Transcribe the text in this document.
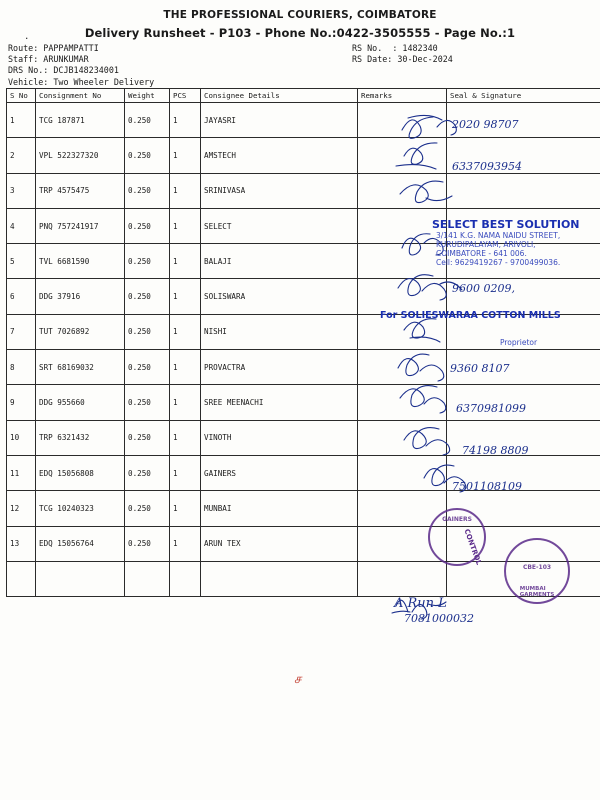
.
THE PROFESSIONAL COURIERS, COIMBATORE
Delivery Runsheet - P103 - Phone No.:0422-3505555 - Page No.:1
Route: PAPPAMPATTI
Staff: ARUNKUMAR
DRS No.: DCJB148234001
Vehicle: Two Wheeler Delivery
RS No.  : 1482340
RS Date: 30-Dec-2024
S No	Consignment No	Weight	PCS	Consignee Details	Remarks	Seal & Signature
1	TCG 187871	0.250	1	JAYASRI		
2	VPL 522327320	0.250	1	AMSTECH		
3	TRP 4575475	0.250	1	SRINIVASA		
4	PNQ 757241917	0.250	1	SELECT		
5	TVL 6681590	0.250	1	BALAJI		
6	DDG 37916	0.250	1	SOLISWARA		
7	TUT 7026892	0.250	1	NISHI		
8	SRT 68169032	0.250	1	PROVACTRA		
9	DDG 955660	0.250	1	SREE MEENACHI		
10	TRP 6321432	0.250	1	VINOTH		
11	EDQ 15056808	0.250	1	GAINERS		
12	TCG 10240323	0.250	1	MUNBAI		
13	EDQ 15056764	0.250	1	ARUN TEX		

2020 98707
6337093954
9600 0209,
9360 8107
6370981099
74198 8809
7501108109
A Run L
7081000032
SELECT BEST SOLUTION
3/141 K.G. NAMA NAIDU STREET,
KURUDIPALAYAM, ARIVOLI,
COIMBATORE - 641 006.
Cell: 9629419267 - 9700499036.
For SOLIESWARAA COTTON MILLS
Proprietor
GAINERS
CBE-103
MUMBAI GARMENTS
CONTROL
ச
